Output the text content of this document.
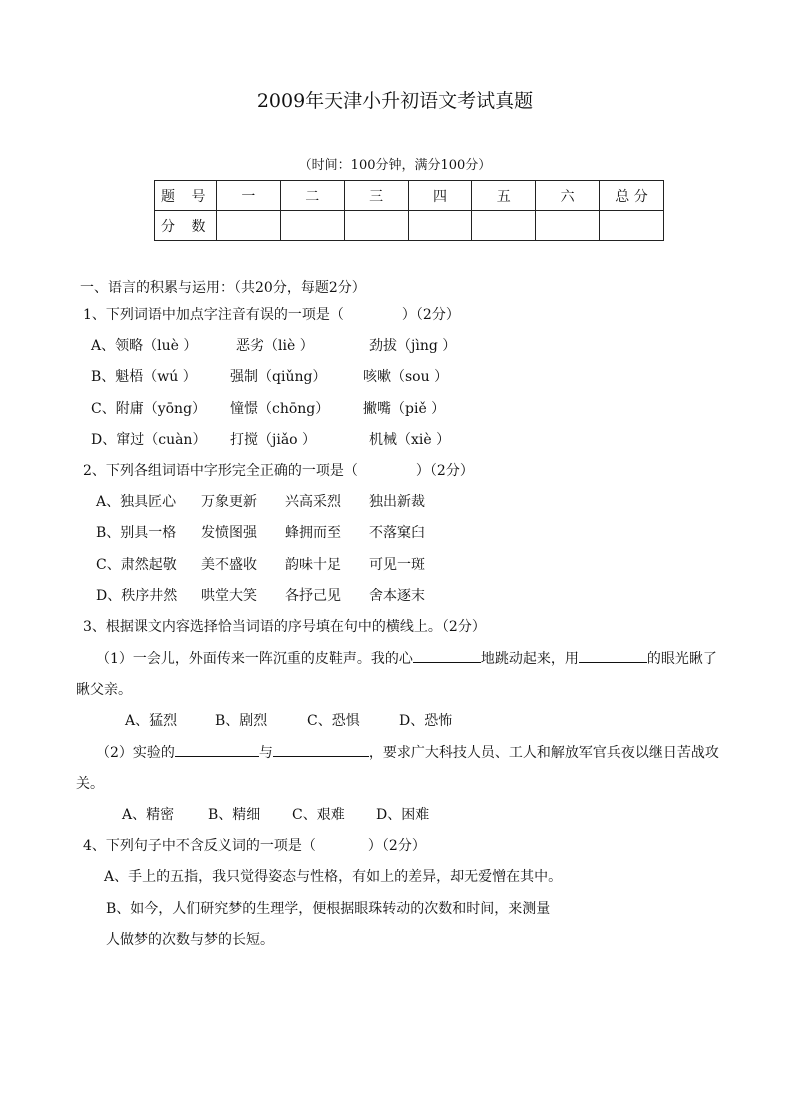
2009年天津小升初语文考试真题
（时间：100分钟，满分100分）
题 号	一	二	三	四	五	六	总 分
分 数							
一、语言的积累与运用：（共20分，每题2分）
1、下列词语中加点字注音有误的一项是（	）（2分）
A、领略（luè ）	恶劣（liè ）	劲拔（jìng ）
B、魁梧（wú ） 强制（qiǔng）	咳嗽（sou ）
C、附庸（yōng） 憧憬（chōng） 撇嘴（piě ）
D、窜过（cuàn） 打搅（jiǎo ）	机械（xiè ）
2、下列各组词语中字形完全正确的一项是（	）（2分）
A、独具匠心 万象更新 兴高采烈 独出新裁
B、别具一格 发愤图强 蜂拥而至 不落窠臼
C、肃然起敬 美不盛收 韵味十足 可见一斑
D、秩序井然 哄堂大笑 各抒己见 舍本逐末
3、根据课文内容选择恰当词语的序号填在句中的横线上。（2分）
（1）一会儿，外面传来一阵沉重的皮鞋声。我的心	地跳动起来，用	的眼光瞅了
瞅父亲。
A、猛烈	B、剧烈	C、恐惧	D、恐怖
（2）实验的	与	，要求广大科技人员、工人和解放军官兵夜以继日苦战攻
关。
A、精密 B、精细 C、艰难 D、困难
4、下列句子中不含反义词的一项是（	）（2分）
A、手上的五指，我只觉得姿态与性格，有如上的差异，却无爱憎在其中。
B、如今，人们研究梦的生理学，便根据眼珠转动的次数和时间，来测量
人做梦的次数与梦的长短。
